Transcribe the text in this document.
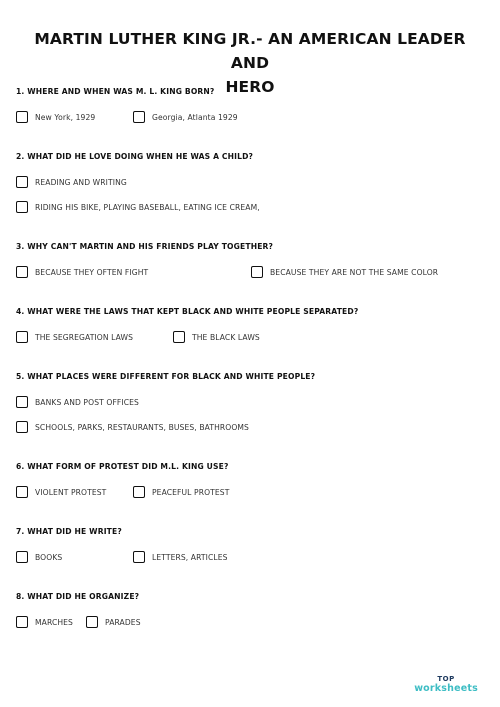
MARTIN LUTHER KING JR.- AN AMERICAN LEADER AND
HERO
1. WHERE AND WHEN WAS M. L. KING BORN?
New York, 1929	Georgia, Atlanta 1929
2. WHAT DID HE LOVE DOING WHEN HE WAS A CHILD?
READING AND WRITING
RIDING HIS BIKE, PLAYING BASEBALL, EATING ICE CREAM,
3. WHY CAN'T MARTIN AND HIS FRIENDS PLAY TOGETHER?
BECAUSE THEY OFTEN FIGHT	BECAUSE THEY ARE NOT THE SAME COLOR
4. WHAT WERE THE LAWS THAT KEPT BLACK AND WHITE PEOPLE SEPARATED?
THE SEGREGATION LAWS	THE BLACK LAWS
5. WHAT PLACES WERE DIFFERENT FOR BLACK AND WHITE PEOPLE?
BANKS AND POST OFFICES
SCHOOLS, PARKS, RESTAURANTS, BUSES, BATHROOMS
6. WHAT FORM OF PROTEST DID M.L. KING USE?
VIOLENT PROTEST	PEACEFUL PROTEST
7. WHAT DID HE WRITE?
BOOKS	LETTERS, ARTICLES
8. WHAT DID HE ORGANIZE?
MARCHES	PARADES
TOP
worksheets
